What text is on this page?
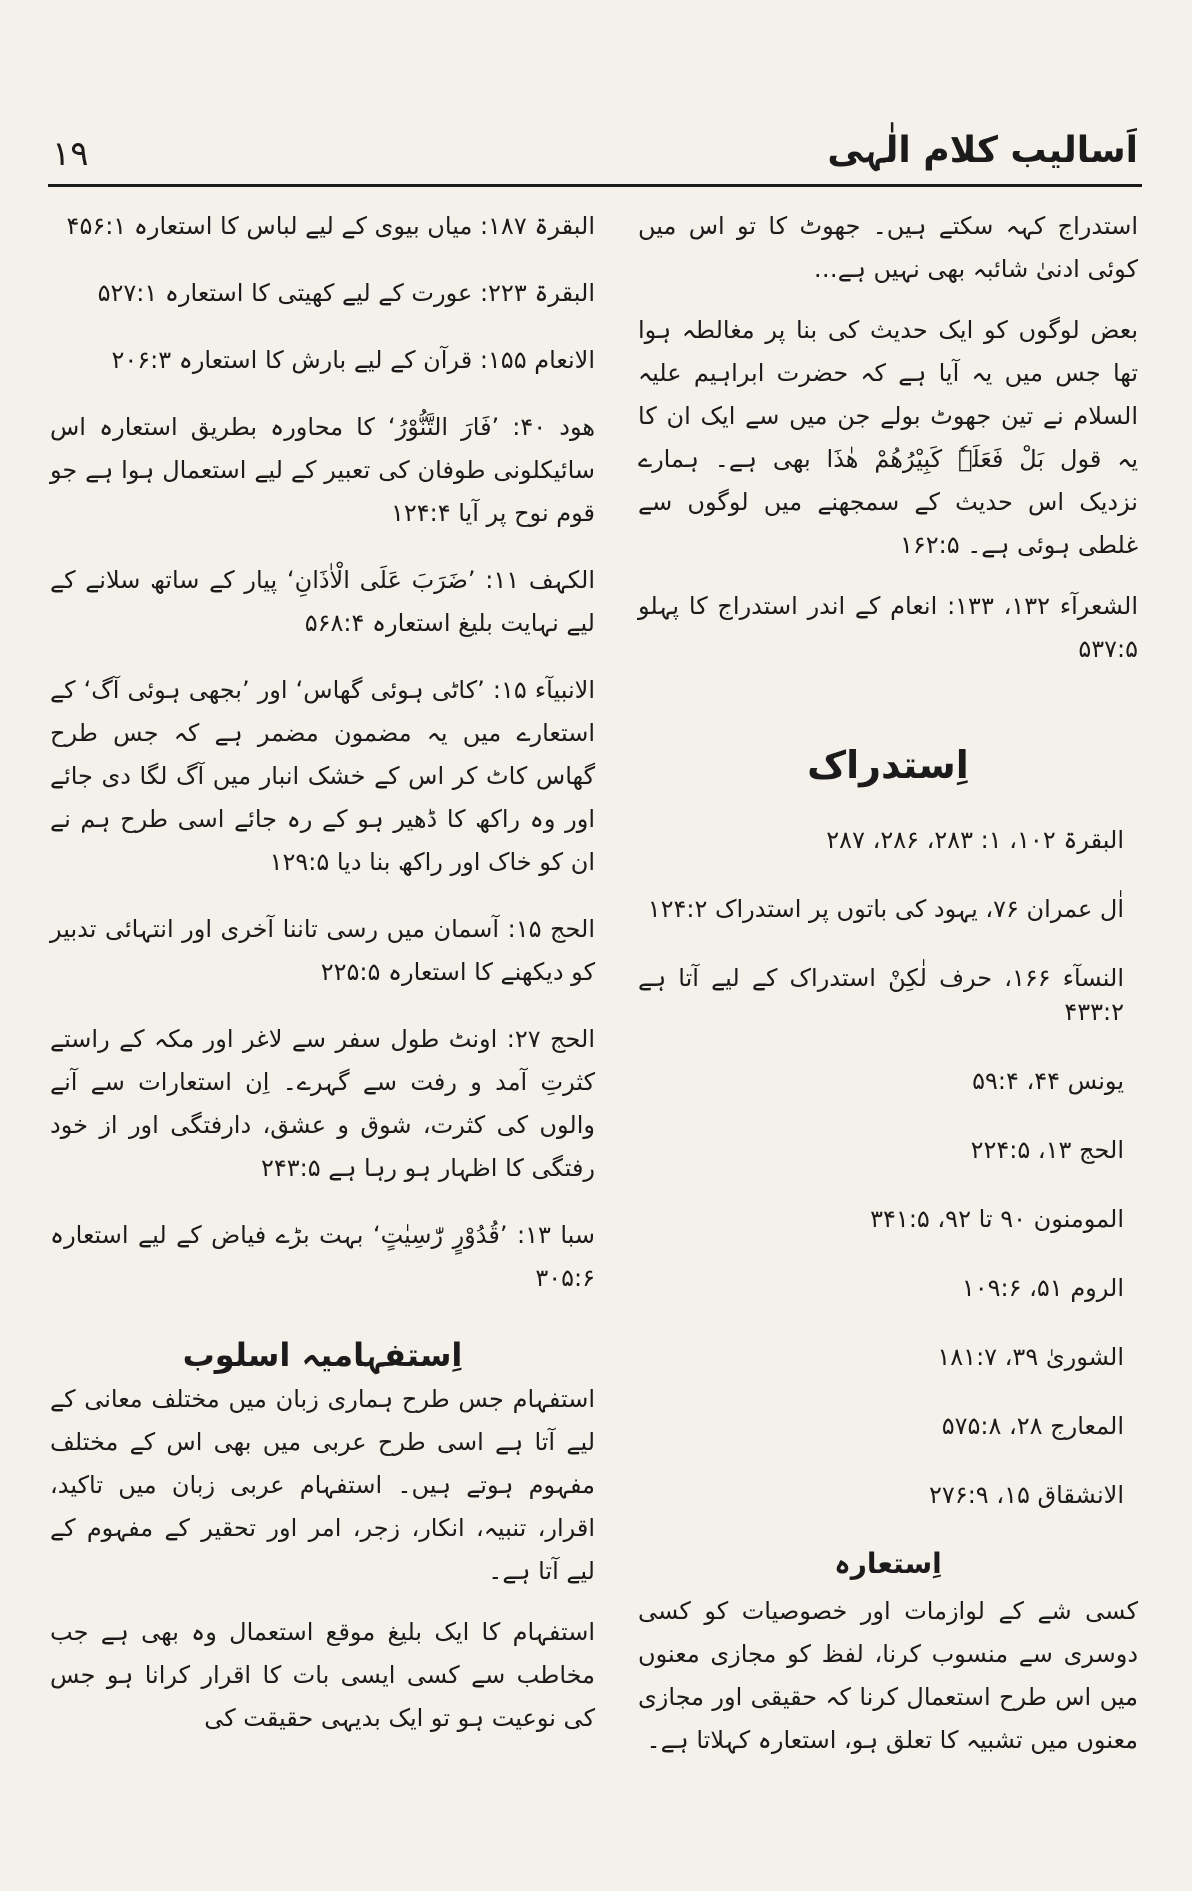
١٩	اَسالیب کلام الٰہی

استدراج کہہ سکتے ہیں۔ جھوٹ کا تو اس میں کوئی ادنیٰ شائبہ بھی نہیں ہے…

بعض لوگوں کو ایک حدیث کی بنا پر مغالطہ ہوا تھا جس میں یہ آیا ہے کہ حضرت ابراہیم علیہ السلام نے تین جھوٹ بولے جن میں سے ایک ان کا یہ قول بَلْ فَعَلَہٗ کَبِیْرُھُمْ ھٰذَا بھی ہے۔ ہمارے نزدیک اس حدیث کے سمجھنے میں لوگوں سے غلطی ہوئی ہے۔ ۱۶۲:۵

الشعرآء ۱۳۲، ۱۳۳: انعام کے اندر استدراج کا پہلو ۵۳۷:۵

اِستدراک
البقرۃ ۱۰۲، ۱: ۲۸۳، ۲۸۶، ۲۸۷
اٰل عمران ۷۶، یہود کی باتوں پر استدراک ۱۲۴:۲
النسآء ۱۶۶، حرف لٰکِنْ استدراک کے لیے آتا ہے ۴۳۳:۲
یونس ۴۴، ۵۹:۴
الحج ۱۳، ۲۲۴:۵
المومنون ۹۰ تا ۹۲، ۳۴۱:۵
الروم ۵۱، ۱۰۹:۶
الشوریٰ ۳۹، ۱۸۱:۷
المعارج ۲۸، ۵۷۵:۸
الانشقاق ۱۵، ۲۷۶:۹
اِستعارہ

کسی شے کے لوازمات اور خصوصیات کو کسی دوسری سے منسوب کرنا، لفظ کو مجازی معنوں میں اس طرح استعمال کرنا کہ حقیقی اور مجازی معنوں میں تشبیہ کا تعلق ہو، استعارہ کہلاتا ہے۔

البقرۃ ۱۸۷: میاں بیوی کے لیے لباس کا استعارہ ۴۵۶:۱
البقرۃ ۲۲۳: عورت کے لیے کھیتی کا استعارہ ۵۲۷:۱
الانعام ۱۵۵: قرآن کے لیے بارش کا استعارہ ۲۰۶:۳
ھود ۴۰: ’فَارَ التَّنُّوْرُ‘ کا محاورہ بطریق استعارہ اس سائیکلونی طوفان کی تعبیر کے لیے استعمال ہوا ہے جو قوم نوح پر آیا ۱۲۴:۴
الکہف ۱۱: ’ضَرَبَ عَلَی الْاٰذَانِ‘ پیار کے ساتھ سلانے کے لیے نہایت بلیغ استعارہ ۵۶۸:۴
الانبیآء ۱۵: ’کاٹی ہوئی گھاس‘ اور ’بجھی ہوئی آگ‘ کے استعارے میں یہ مضمون مضمر ہے کہ جس طرح گھاس کاٹ کر اس کے خشک انبار میں آگ لگا دی جائے اور وہ راکھ کا ڈھیر ہو کے رہ جائے اسی طرح ہم نے ان کو خاک اور راکھ بنا دیا ۱۲۹:۵
الحج ۱۵: آسمان میں رسی تاننا آخری اور انتہائی تدبیر کو دیکھنے کا استعارہ ۲۲۵:۵
الحج ۲۷: اونٹ طول سفر سے لاغر اور مکہ کے راستے کثرتِ آمد و رفت سے گہرے۔ اِن استعارات سے آنے والوں کی کثرت، شوق و عشق، دارفتگی اور از خود رفتگی کا اظہار ہو رہا ہے ۲۴۳:۵
سبا ۱۳: ’قُدُوْرٍ رّٰسِیٰتٍ‘ بہت بڑے فیاض کے لیے استعارہ ۳۰۵:۶
اِستفہامیہ اسلوب

استفہام جس طرح ہماری زبان میں مختلف معانی کے لیے آتا ہے اسی طرح عربی میں بھی اس کے مختلف مفہوم ہوتے ہیں۔ استفہام عربی زبان میں تاکید، اقرار، تنبیہ، انکار، زجر، امر اور تحقیر کے مفہوم کے لیے آتا ہے۔

استفہام کا ایک بلیغ موقع استعمال وہ بھی ہے جب مخاطب سے کسی ایسی بات کا اقرار کرانا ہو جس کی نوعیت ہو تو ایک بدیہی حقیقت کی
